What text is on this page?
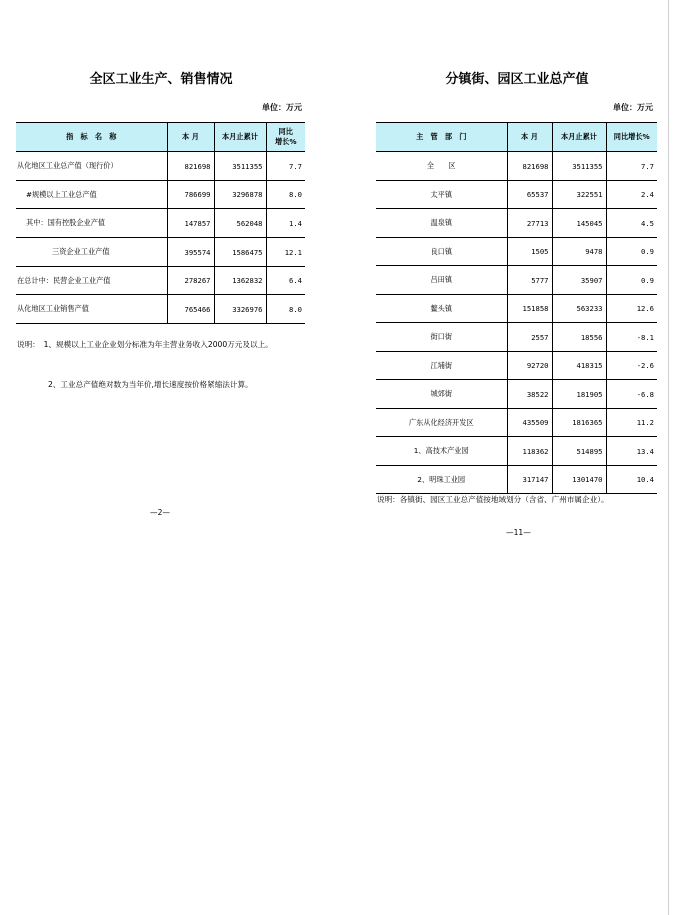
全区工业生产、销售情况
单位：万元
指　标　名　称	本 月	本月止累计	同比
增长%
从化地区工业总产值（现行价）	821698	3511355	7.7
#规模以上工业总产值	786699	3296878	8.0
其中：国有控股企业产值	147857	562048	1.4
三资企业工业产值	395574	1586475	12.1
在总计中：民营企业工业产值	278267	1362832	6.4
从化地区工业销售产值	765466	3326976	8.0
说明：　1、规模以上工业企业划分标准为年主营业务收入2000万元及以上。
2、工业总产值绝对数为当年价,增长速度按价格紧缩法计算。
—2—
分镇街、园区工业总产值
单位：万元
主　管　部　门	本 月	本月止累计	同比增长%
全　　区	821698	3511355	7.7
太平镇	65537	322551	2.4
温泉镇	27713	145045	4.5
良口镇	1505	9478	0.9
吕田镇	5777	35907	0.9
鳌头镇	151858	563233	12.6
街口街	2557	18556	-8.1
江埔街	92720	418315	-2.6
城郊街	38522	181905	-6.8
广东从化经济开发区	435509	1816365	11.2
1、高技术产业园	118362	514895	13.4
2、明珠工业园	317147	1301470	10.4
说明：各镇街、园区工业总产值按地域划分（含省、广州市属企业）。
—11—
